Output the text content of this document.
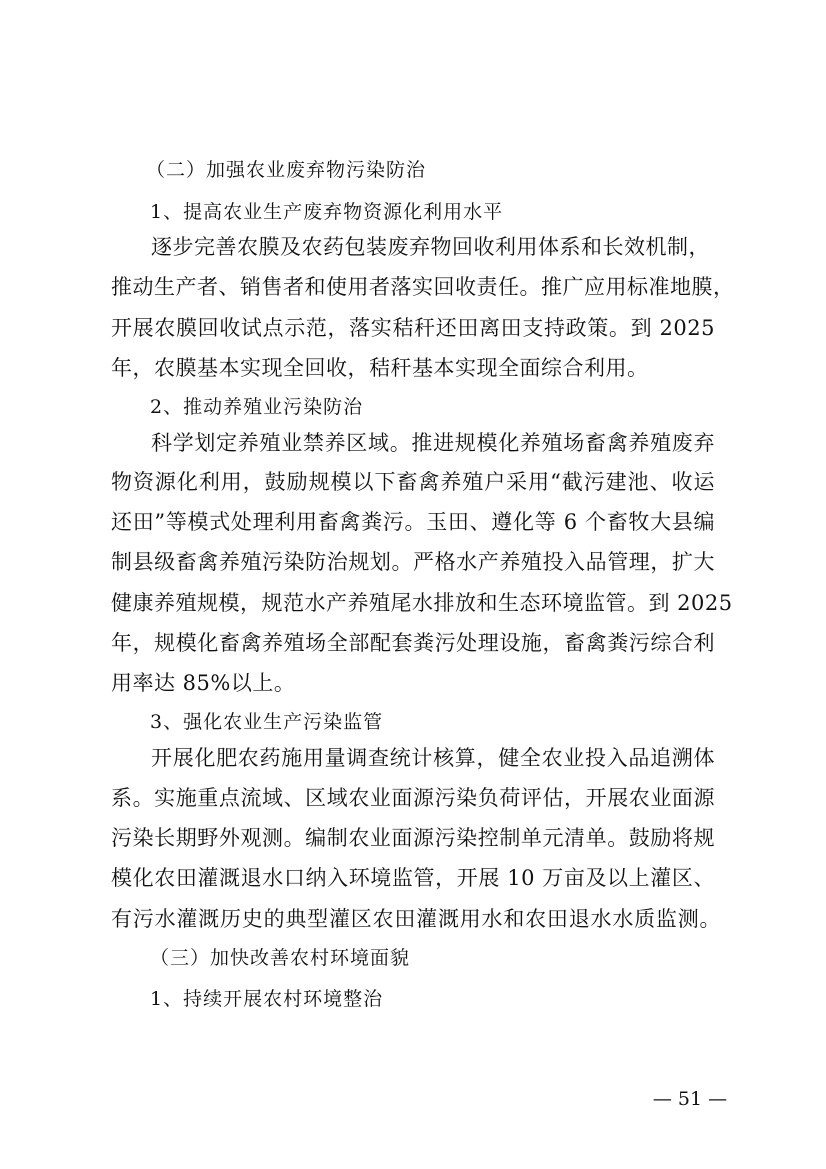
（二）加强农业废弃物污染防治
1、提高农业生产废弃物资源化利用水平
逐步完善农膜及农药包装废弃物回收利用体系和长效机制，
推动生产者、销售者和使用者落实回收责任。推广应用标准地膜，
开展农膜回收试点示范，落实秸秆还田离田支持政策。到 2025
年，农膜基本实现全回收，秸秆基本实现全面综合利用。
2、推动养殖业污染防治
科学划定养殖业禁养区域。推进规模化养殖场畜禽养殖废弃
物资源化利用，鼓励规模以下畜禽养殖户采用“截污建池、收运
还田”等模式处理利用畜禽粪污。玉田、遵化等 6 个畜牧大县编
制县级畜禽养殖污染防治规划。严格水产养殖投入品管理，扩大
健康养殖规模，规范水产养殖尾水排放和生态环境监管。到 2025
年，规模化畜禽养殖场全部配套粪污处理设施，畜禽粪污综合利
用率达 85%以上。
3、强化农业生产污染监管
开展化肥农药施用量调查统计核算，健全农业投入品追溯体
系。实施重点流域、区域农业面源污染负荷评估，开展农业面源
污染长期野外观测。编制农业面源污染控制单元清单。鼓励将规
模化农田灌溉退水口纳入环境监管，开展 10 万亩及以上灌区、
有污水灌溉历史的典型灌区农田灌溉用水和农田退水水质监测。
（三）加快改善农村环境面貌
1、持续开展农村环境整治
— 51 —
